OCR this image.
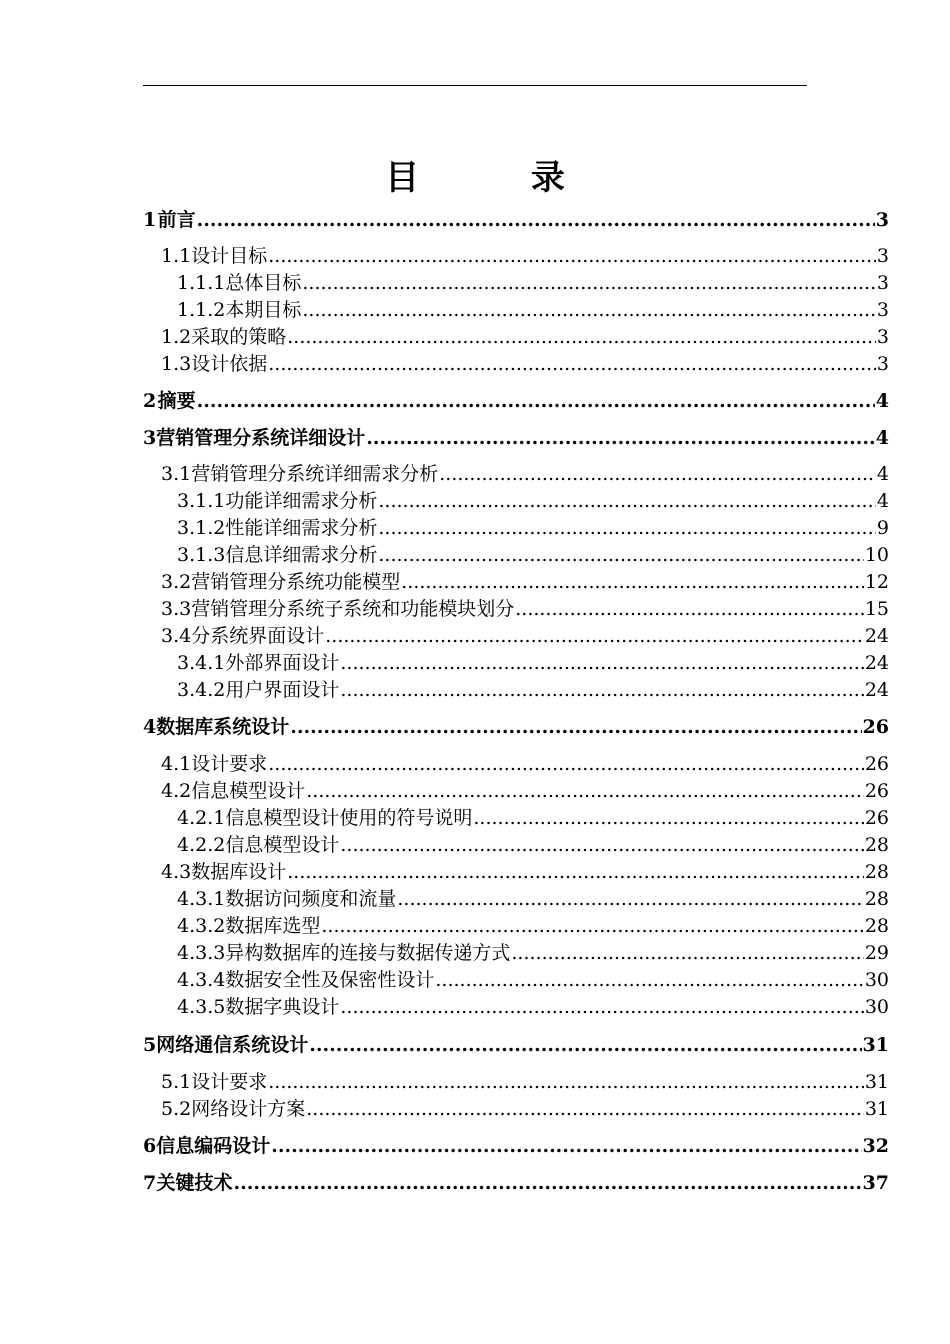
目 录
1 前言 .....	3
1.1 设计目标 .....	3
1.1.1 总体目标 .....	3
1.1.2 本期目标 .....	3
1.2 采取的策略 .....	3
1.3 设计依据 .....	3
2 摘要 .....	4
3 营销管理分系统详细设计 .....	4
3.1 营销管理分系统详细需求分析 .....	4
3.1.1 功能详细需求分析 .....	4
3.1.2 性能详细需求分析 .....	9
3.1.3 信息详细需求分析 .....	10
3.2 营销管理分系统功能模型 .....	12
3.3 营销管理分系统子系统和功能模块划分 .....	15
3.4 分系统界面设计 .....	24
3.4.1 外部界面设计 .....	24
3.4.2 用户界面设计 .....	24
4 数据库系统设计 .....	26
4.1 设计要求 .....	26
4.2 信息模型设计 .....	26
4.2.1 信息模型设计使用的符号说明 .....	26
4.2.2 信息模型设计 .....	28
4.3 数据库设计 .....	28
4.3.1 数据访问频度和流量 .....	28
4.3.2 数据库选型 .....	28
4.3.3 异构数据库的连接与数据传递方式 .....	29
4.3.4 数据安全性及保密性设计 .....	30
4.3.5 数据字典设计 .....	30
5 网络通信系统设计 .....	31
5.1 设计要求 .....	31
5.2 网络设计方案 .....	31
6 信息编码设计 .....	32
7 关键技术 .....	37
